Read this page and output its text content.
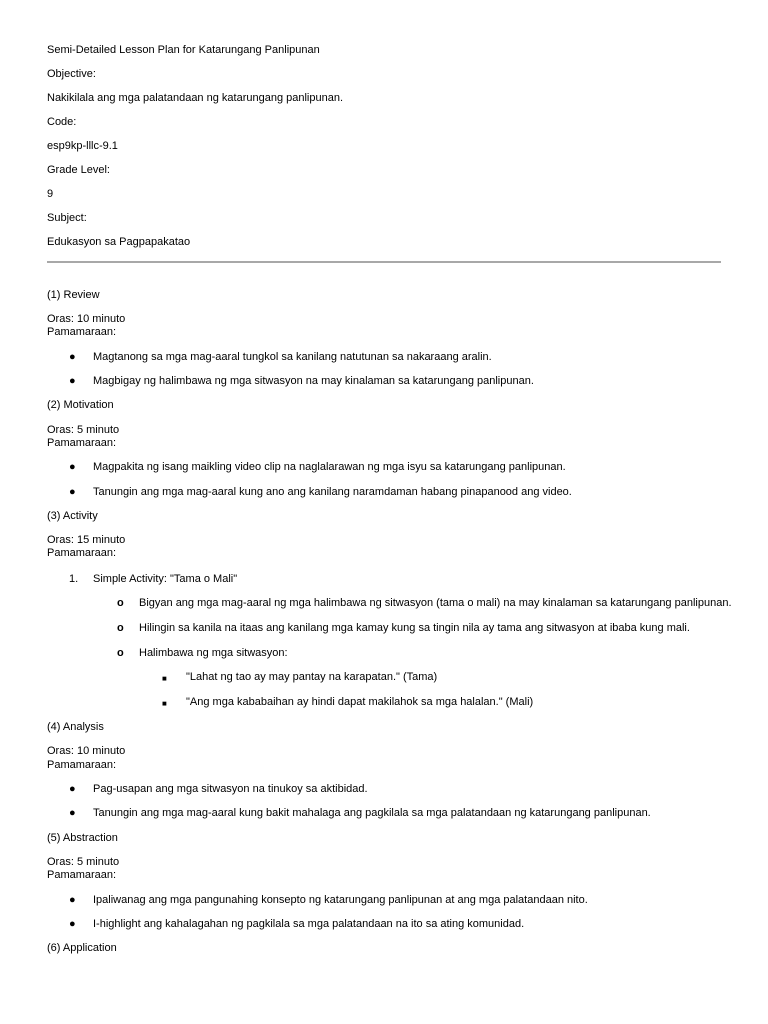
Semi-Detailed Lesson Plan for Katarungang Panlipunan
Objective:
Nakikilala ang mga palatandaan ng katarungang panlipunan.
Code:
esp9kp-lllc-9.1
Grade Level:
9
Subject:
Edukasyon sa Pagpapakatao
(1) Review
Oras: 10 minuto
Pamamaraan:
● Magtanong sa mga mag-aaral tungkol sa kanilang natutunan sa nakaraang aralin.
● Magbigay ng halimbawa ng mga sitwasyon na may kinalaman sa katarungang panlipunan.
(2) Motivation
Oras: 5 minuto
Pamamaraan:
● Magpakita ng isang maikling video clip na naglalarawan ng mga isyu sa katarungang panlipunan.
● Tanungin ang mga mag-aaral kung ano ang kanilang naramdaman habang pinapanood ang video.
(3) Activity
Oras: 15 minuto
Pamamaraan:
1. Simple Activity: "Tama o Mali"
o Bigyan ang mga mag-aaral ng mga halimbawa ng sitwasyon (tama o mali) na may kinalaman sa katarungang panlipunan.
o Hilingin sa kanila na itaas ang kanilang mga kamay kung sa tingin nila ay tama ang sitwasyon at ibaba kung mali.
o Halimbawa ng mga sitwasyon:
■ "Lahat ng tao ay may pantay na karapatan." (Tama)
■ "Ang mga kababaihan ay hindi dapat makilahok sa mga halalan." (Mali)
(4) Analysis
Oras: 10 minuto
Pamamaraan:
● Pag-usapan ang mga sitwasyon na tinukoy sa aktibidad.
● Tanungin ang mga mag-aaral kung bakit mahalaga ang pagkilala sa mga palatandaan ng katarungang panlipunan.
(5) Abstraction
Oras: 5 minuto
Pamamaraan:
● Ipaliwanag ang mga pangunahing konsepto ng katarungang panlipunan at ang mga palatandaan nito.
● I-highlight ang kahalagahan ng pagkilala sa mga palatandaan na ito sa ating komunidad.
(6) Application
